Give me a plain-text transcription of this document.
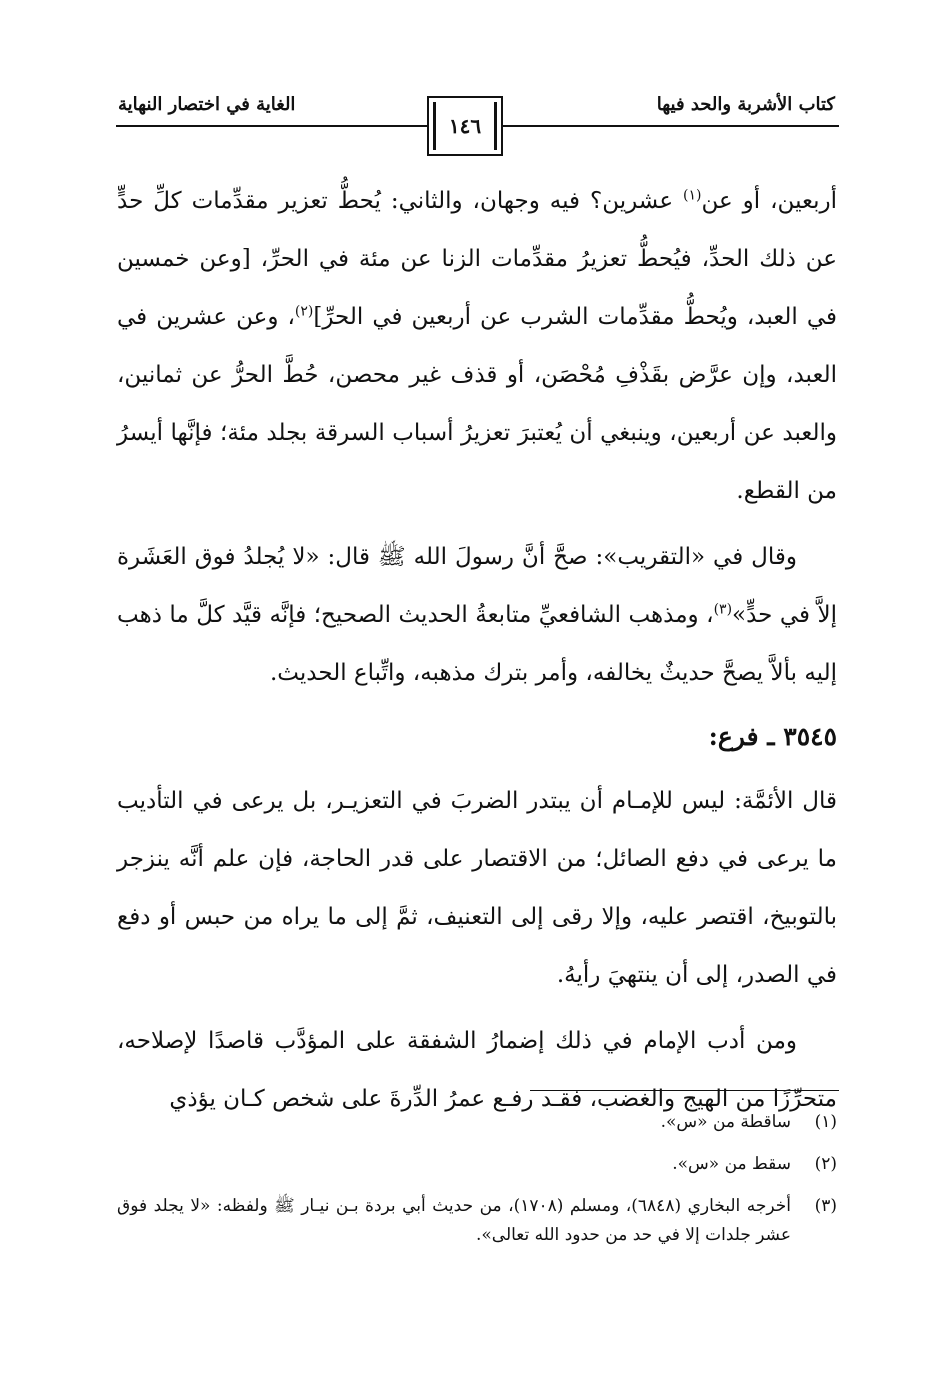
كتاب الأشربة والحد فيها
الغاية في اختصار النهاية
١٤٦

أربعين، أو عن$^{(١)}$ عشرين؟ فيه وجهان، والثاني: يُحطُّ تعزير مقدِّمات كلِّ حدٍّ عن ذلك الحدِّ، فيُحطُّ تعزيرُ مقدِّمات الزنا عن مئة في الحرِّ، [وعن خمسين في العبد، ويُحطُّ مقدِّمات الشرب عن أربعين في الحرِّ]$^{(٢)}$، وعن عشرين في العبد، وإن عرَّض بقَذْفِ مُحْصَن، أو قذف غير محصن، حُطَّ الحرُّ عن ثمانين، والعبد عن أربعين، وينبغي أن يُعتبرَ تعزيرُ أسباب السرقة بجلد مئة؛ فإنَّها أيسرُ من القطع.

وقال في «التقريب»: صحَّ أنَّ رسولَ الله ﷺ قال: «لا يُجلدُ فوق العَشَرة إلاَّ في حدٍّ»$^{(٣)}$، ومذهب الشافعيِّ متابعةُ الحديث الصحيح؛ فإنَّه قيَّد كلَّ ما ذهب إليه بألاَّ يصحَّ حديثٌ يخالفه، وأمر بترك مذهبه، واتِّباع الحديث.

٣٥٤٥ ـ فرع:

قال الأئمَّة: ليس للإمـام أن يبتدر الضربَ في التعزيـر، بل يرعى في التأديب ما يرعى في دفع الصائل؛ من الاقتصار على قدر الحاجة، فإن علم أنَّه ينزجر بالتوبيخ، اقتصر عليه، وإلا رقى إلى التعنيف، ثمَّ إلى ما يراه من حبس أو دفع في الصدر، إلى أن ينتهيَ رأيهُ.

ومن أدب الإمام في ذلك إضمارُ الشفقة على المؤدَّب قاصدًا لإصلاحه، متحرِّزًا من الهيج والغضب، فقـد رفـع عمرُ الدِّرةَ على شخص كـان يؤذي

(١)
ساقطة من «س».
(٢)
سقط من «س».
(٣)
أخرجه البخاري (٦٨٤٨)، ومسلم (١٧٠٨)، من حديث أبي بردة بـن نيـار ﷺ ولفظه: «لا يجلد فوق عشر جلدات إلا في حد من حدود الله تعالى».
